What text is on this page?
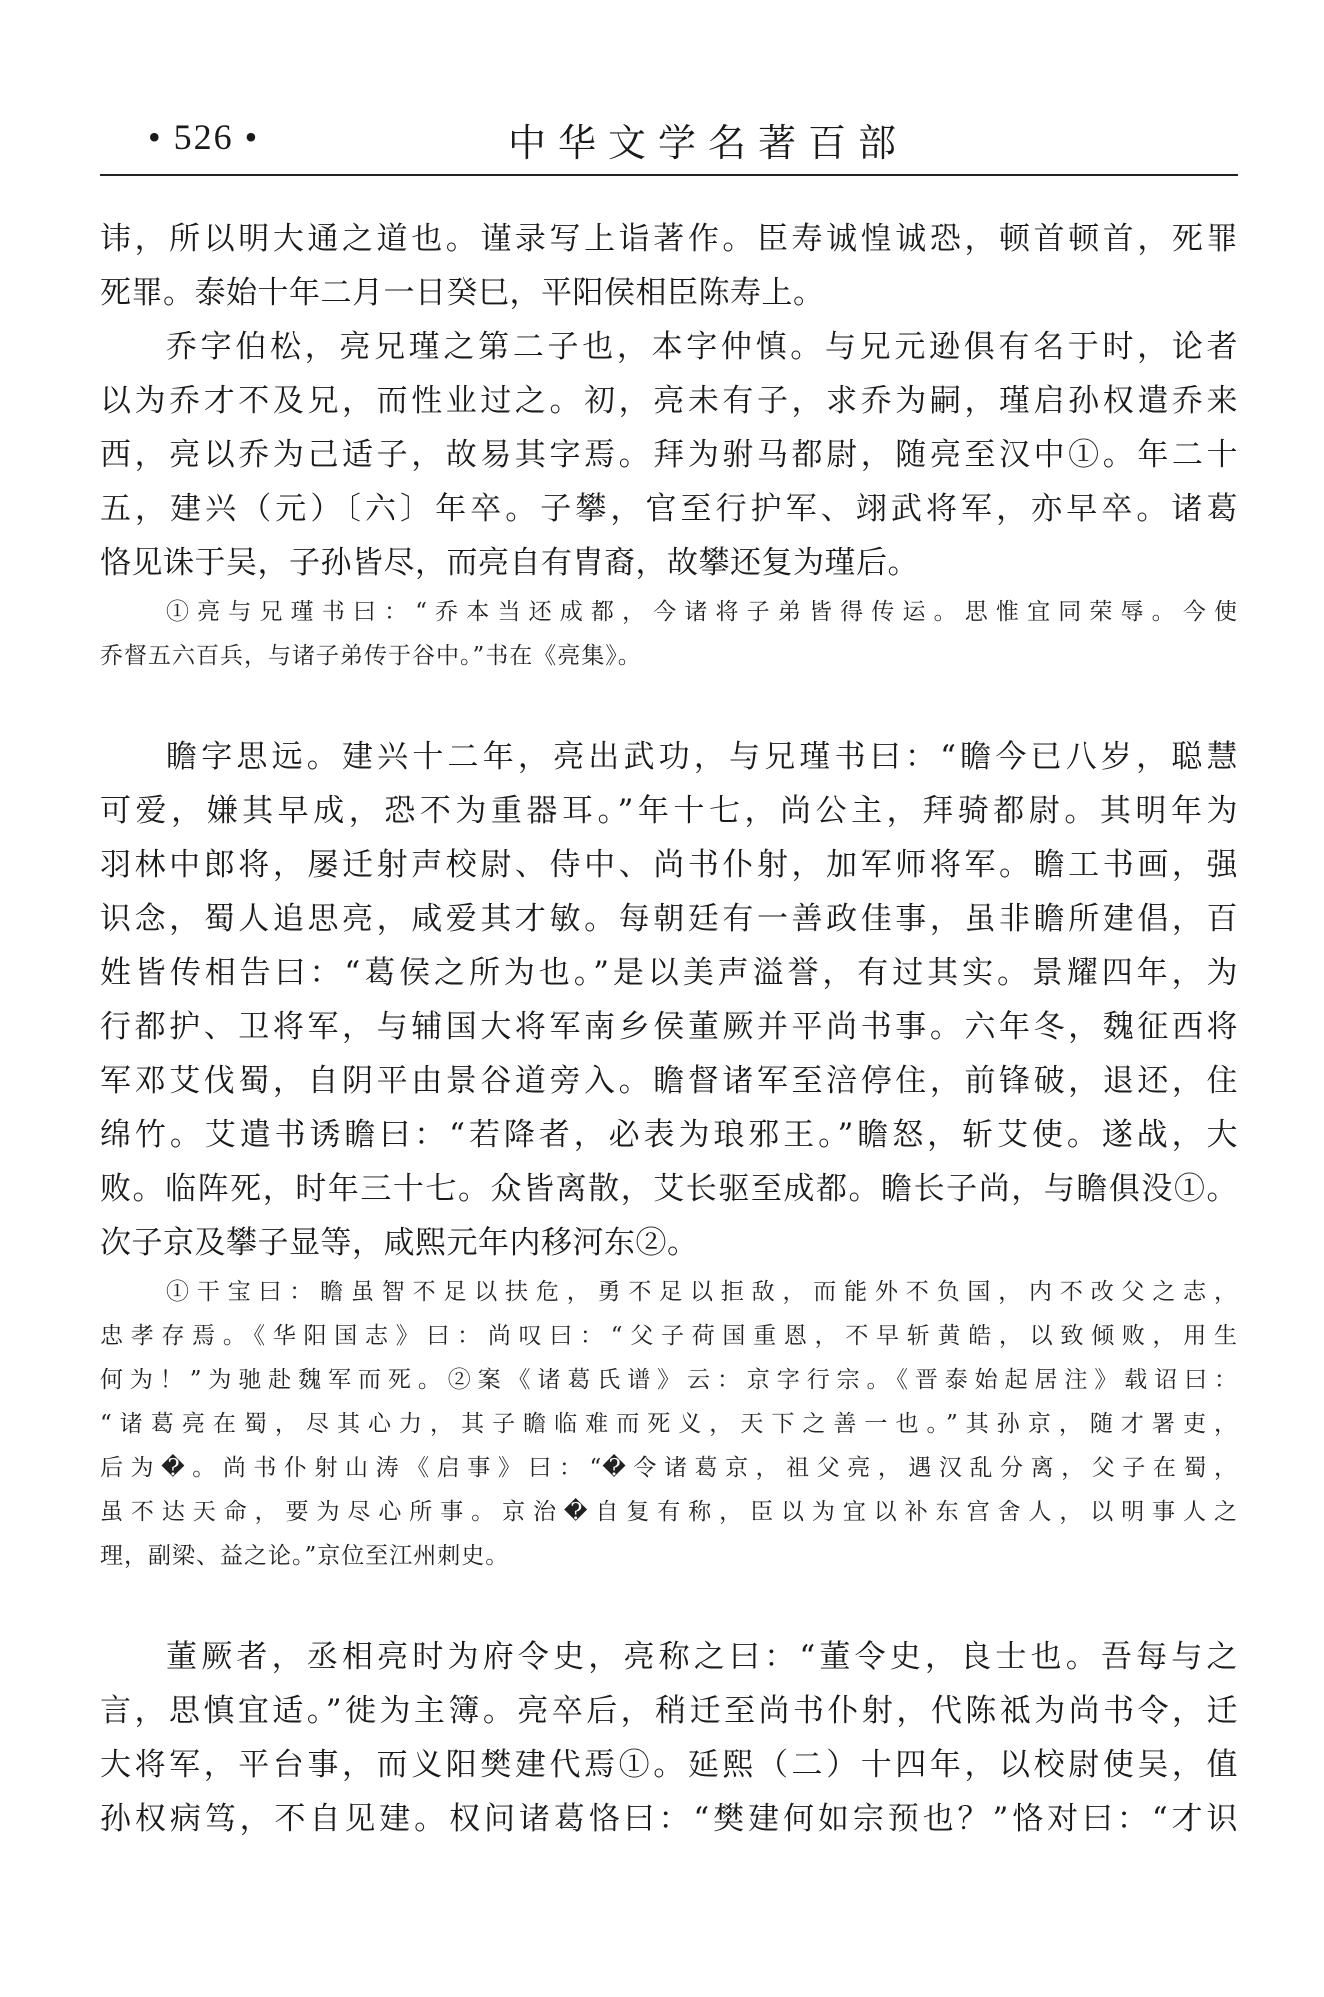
• 526 •	中华文学名著百部
讳，所以明大通之道也。谨录写上诣著作。臣寿诚惶诚恐，顿首顿首，死罪
死罪。泰始十年二月一日癸巳，平阳侯相臣陈寿上。
乔字伯松，亮兄瑾之第二子也，本字仲慎。与兄元逊俱有名于时，论者
以为乔才不及兄，而性业过之。初，亮未有子，求乔为嗣，瑾启孙权遣乔来
西，亮以乔为己适子，故易其字焉。拜为驸马都尉，随亮至汉中①。年二十
五，建兴（元）〔六〕年卒。子攀，官至行护军、翊武将军，亦早卒。诸葛
恪见诛于吴，子孙皆尽，而亮自有胄裔，故攀还复为瑾后。
①亮与兄瑾书曰：“乔本当还成都，今诸将子弟皆得传运。思惟宜同荣辱。今使
乔督五六百兵，与诸子弟传于谷中。”书在《亮集》。
瞻字思远。建兴十二年，亮出武功，与兄瑾书曰：“瞻今已八岁，聪慧
可爱，嫌其早成，恐不为重器耳。”年十七，尚公主，拜骑都尉。其明年为
羽林中郎将，屡迁射声校尉、侍中、尚书仆射，加军师将军。瞻工书画，强
识念，蜀人追思亮，咸爱其才敏。每朝廷有一善政佳事，虽非瞻所建倡，百
姓皆传相告曰：“葛侯之所为也。”是以美声溢誉，有过其实。景耀四年，为
行都护、卫将军，与辅国大将军南乡侯董厥并平尚书事。六年冬，魏征西将
军邓艾伐蜀，自阴平由景谷道旁入。瞻督诸军至涪停住，前锋破，退还，住
绵竹。艾遣书诱瞻曰：“若降者，必表为琅邪王。”瞻怒，斩艾使。遂战，大
败。临阵死，时年三十七。众皆离散，艾长驱至成都。瞻长子尚，与瞻俱没①。
次子京及攀子显等，咸熙元年内移河东②。
①干宝曰：瞻虽智不足以扶危，勇不足以拒敌，而能外不负国，内不改父之志，
忠孝存焉。《华阳国志》曰：尚叹曰：“父子荷国重恩，不早斩黄皓，以致倾败，用生
何为！”为驰赴魏军而死。②案《诸葛氏谱》云：京字行宗。《晋泰始起居注》载诏曰：
“诸葛亮在蜀，尽其心力，其子瞻临难而死义，天下之善一也。”其孙京，随才署吏，
后为�。尚书仆射山涛《启事》曰：“�令诸葛京，祖父亮，遇汉乱分离，父子在蜀，
虽不达天命，要为尽心所事。京治�自复有称，臣以为宜以补东宫舍人，以明事人之
理，副梁、益之论。”京位至江州刺史。
董厥者，丞相亮时为府令史，亮称之曰：“董令史，良士也。吾每与之
言，思慎宜适。”徙为主簿。亮卒后，稍迁至尚书仆射，代陈祗为尚书令，迁
大将军，平台事，而义阳樊建代焉①。延熙（二）十四年，以校尉使吴，值
孙权病笃，不自见建。权问诸葛恪曰：“樊建何如宗预也？”恪对曰：“才识
